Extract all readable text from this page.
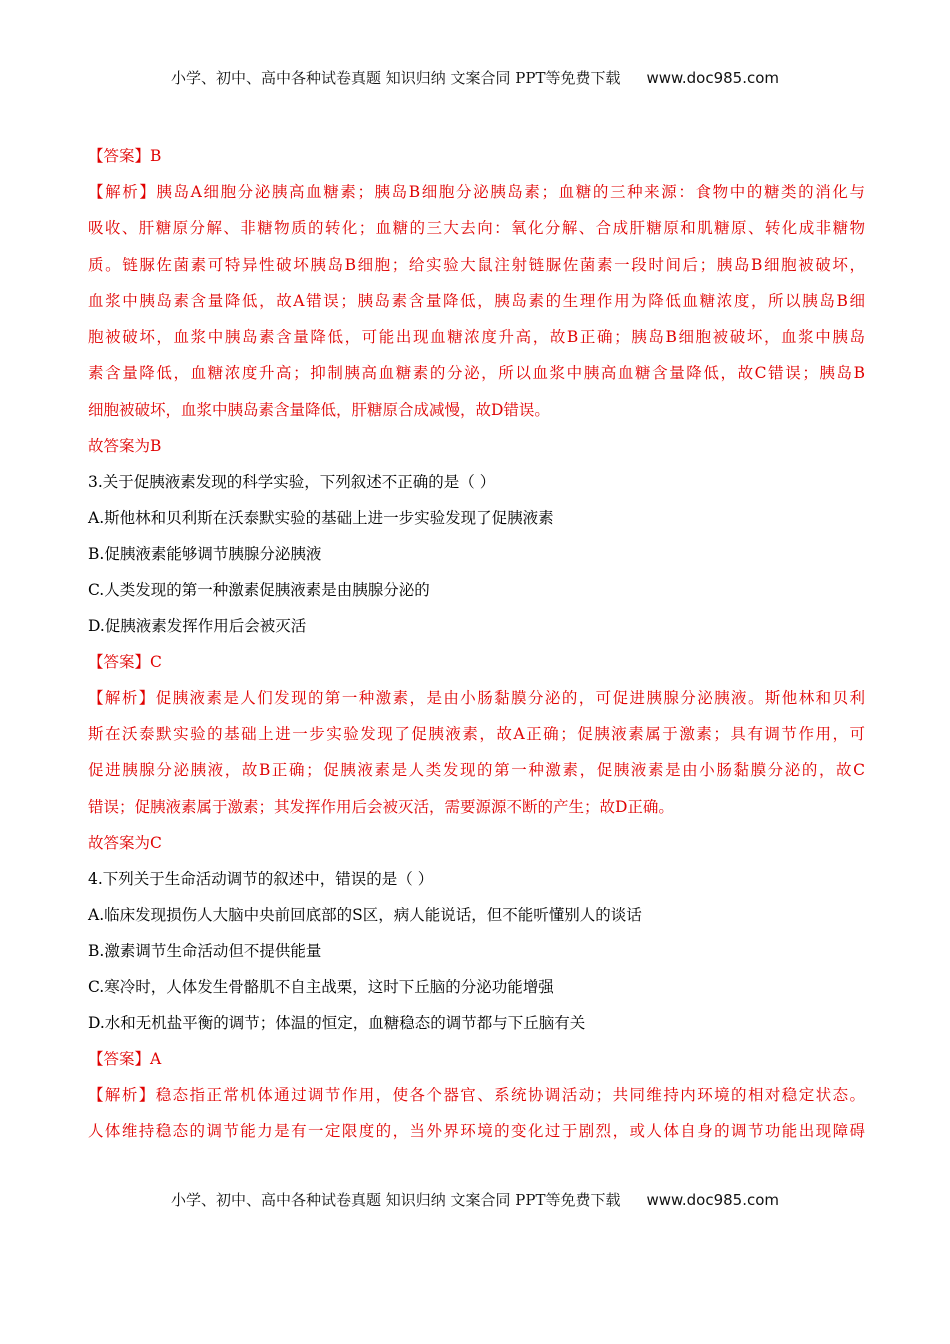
小学、初中、高中各种试卷真题 知识归纳 文案合同 PPT等免费下载 www.doc985.com
【答案】B
【解析】胰岛A细胞分泌胰高血糖素；胰岛B细胞分泌胰岛素；血糖的三种来源：食物中的糖类的消化与
吸收、肝糖原分解、非糖物质的转化；血糖的三大去向：氧化分解、合成肝糖原和肌糖原、转化成非糖物
质。链脲佐菌素可特异性破坏胰岛B细胞；给实验大鼠注射链脲佐菌素一段时间后；胰岛B细胞被破坏，
血浆中胰岛素含量降低，故A错误；胰岛素含量降低，胰岛素的生理作用为降低血糖浓度，所以胰岛B细
胞被破坏，血浆中胰岛素含量降低，可能出现血糖浓度升高，故B正确；胰岛B细胞被破坏，血浆中胰岛
素含量降低，血糖浓度升高；抑制胰高血糖素的分泌，所以血浆中胰高血糖含量降低，故C错误；胰岛B
细胞被破坏，血浆中胰岛素含量降低，肝糖原合成减慢，故D错误。
故答案为B
3.关于促胰液素发现的科学实验，下列叙述不正确的是（ ）
A.斯他林和贝利斯在沃泰默实验的基础上进一步实验发现了促胰液素
B.促胰液素能够调节胰腺分泌胰液
C.人类发现的第一种激素促胰液素是由胰腺分泌的
D.促胰液素发挥作用后会被灭活
【答案】C
【解析】促胰液素是人们发现的第一种激素，是由小肠黏膜分泌的，可促进胰腺分泌胰液。斯他林和贝利
斯在沃泰默实验的基础上进一步实验发现了促胰液素，故A正确；促胰液素属于激素；具有调节作用，可
促进胰腺分泌胰液，故B正确；促胰液素是人类发现的第一种激素，促胰液素是由小肠黏膜分泌的，故C
错误；促胰液素属于激素；其发挥作用后会被灭活，需要源源不断的产生；故D正确。
故答案为C
4.下列关于生命活动调节的叙述中，错误的是（ ）
A.临床发现损伤人大脑中央前回底部的S区，病人能说话，但不能听懂别人的谈话
B.激素调节生命活动但不提供能量
C.寒冷时，人体发生骨骼肌不自主战栗，这时下丘脑的分泌功能增强
D.水和无机盐平衡的调节；体温的恒定，血糖稳态的调节都与下丘脑有关
【答案】A
【解析】稳态指正常机体通过调节作用，使各个器官、系统协调活动；共同维持内环境的相对稳定状态。
人体维持稳态的调节能力是有一定限度的，当外界环境的变化过于剧烈，或人体自身的调节功能出现障碍
小学、初中、高中各种试卷真题 知识归纳 文案合同 PPT等免费下载 www.doc985.com
